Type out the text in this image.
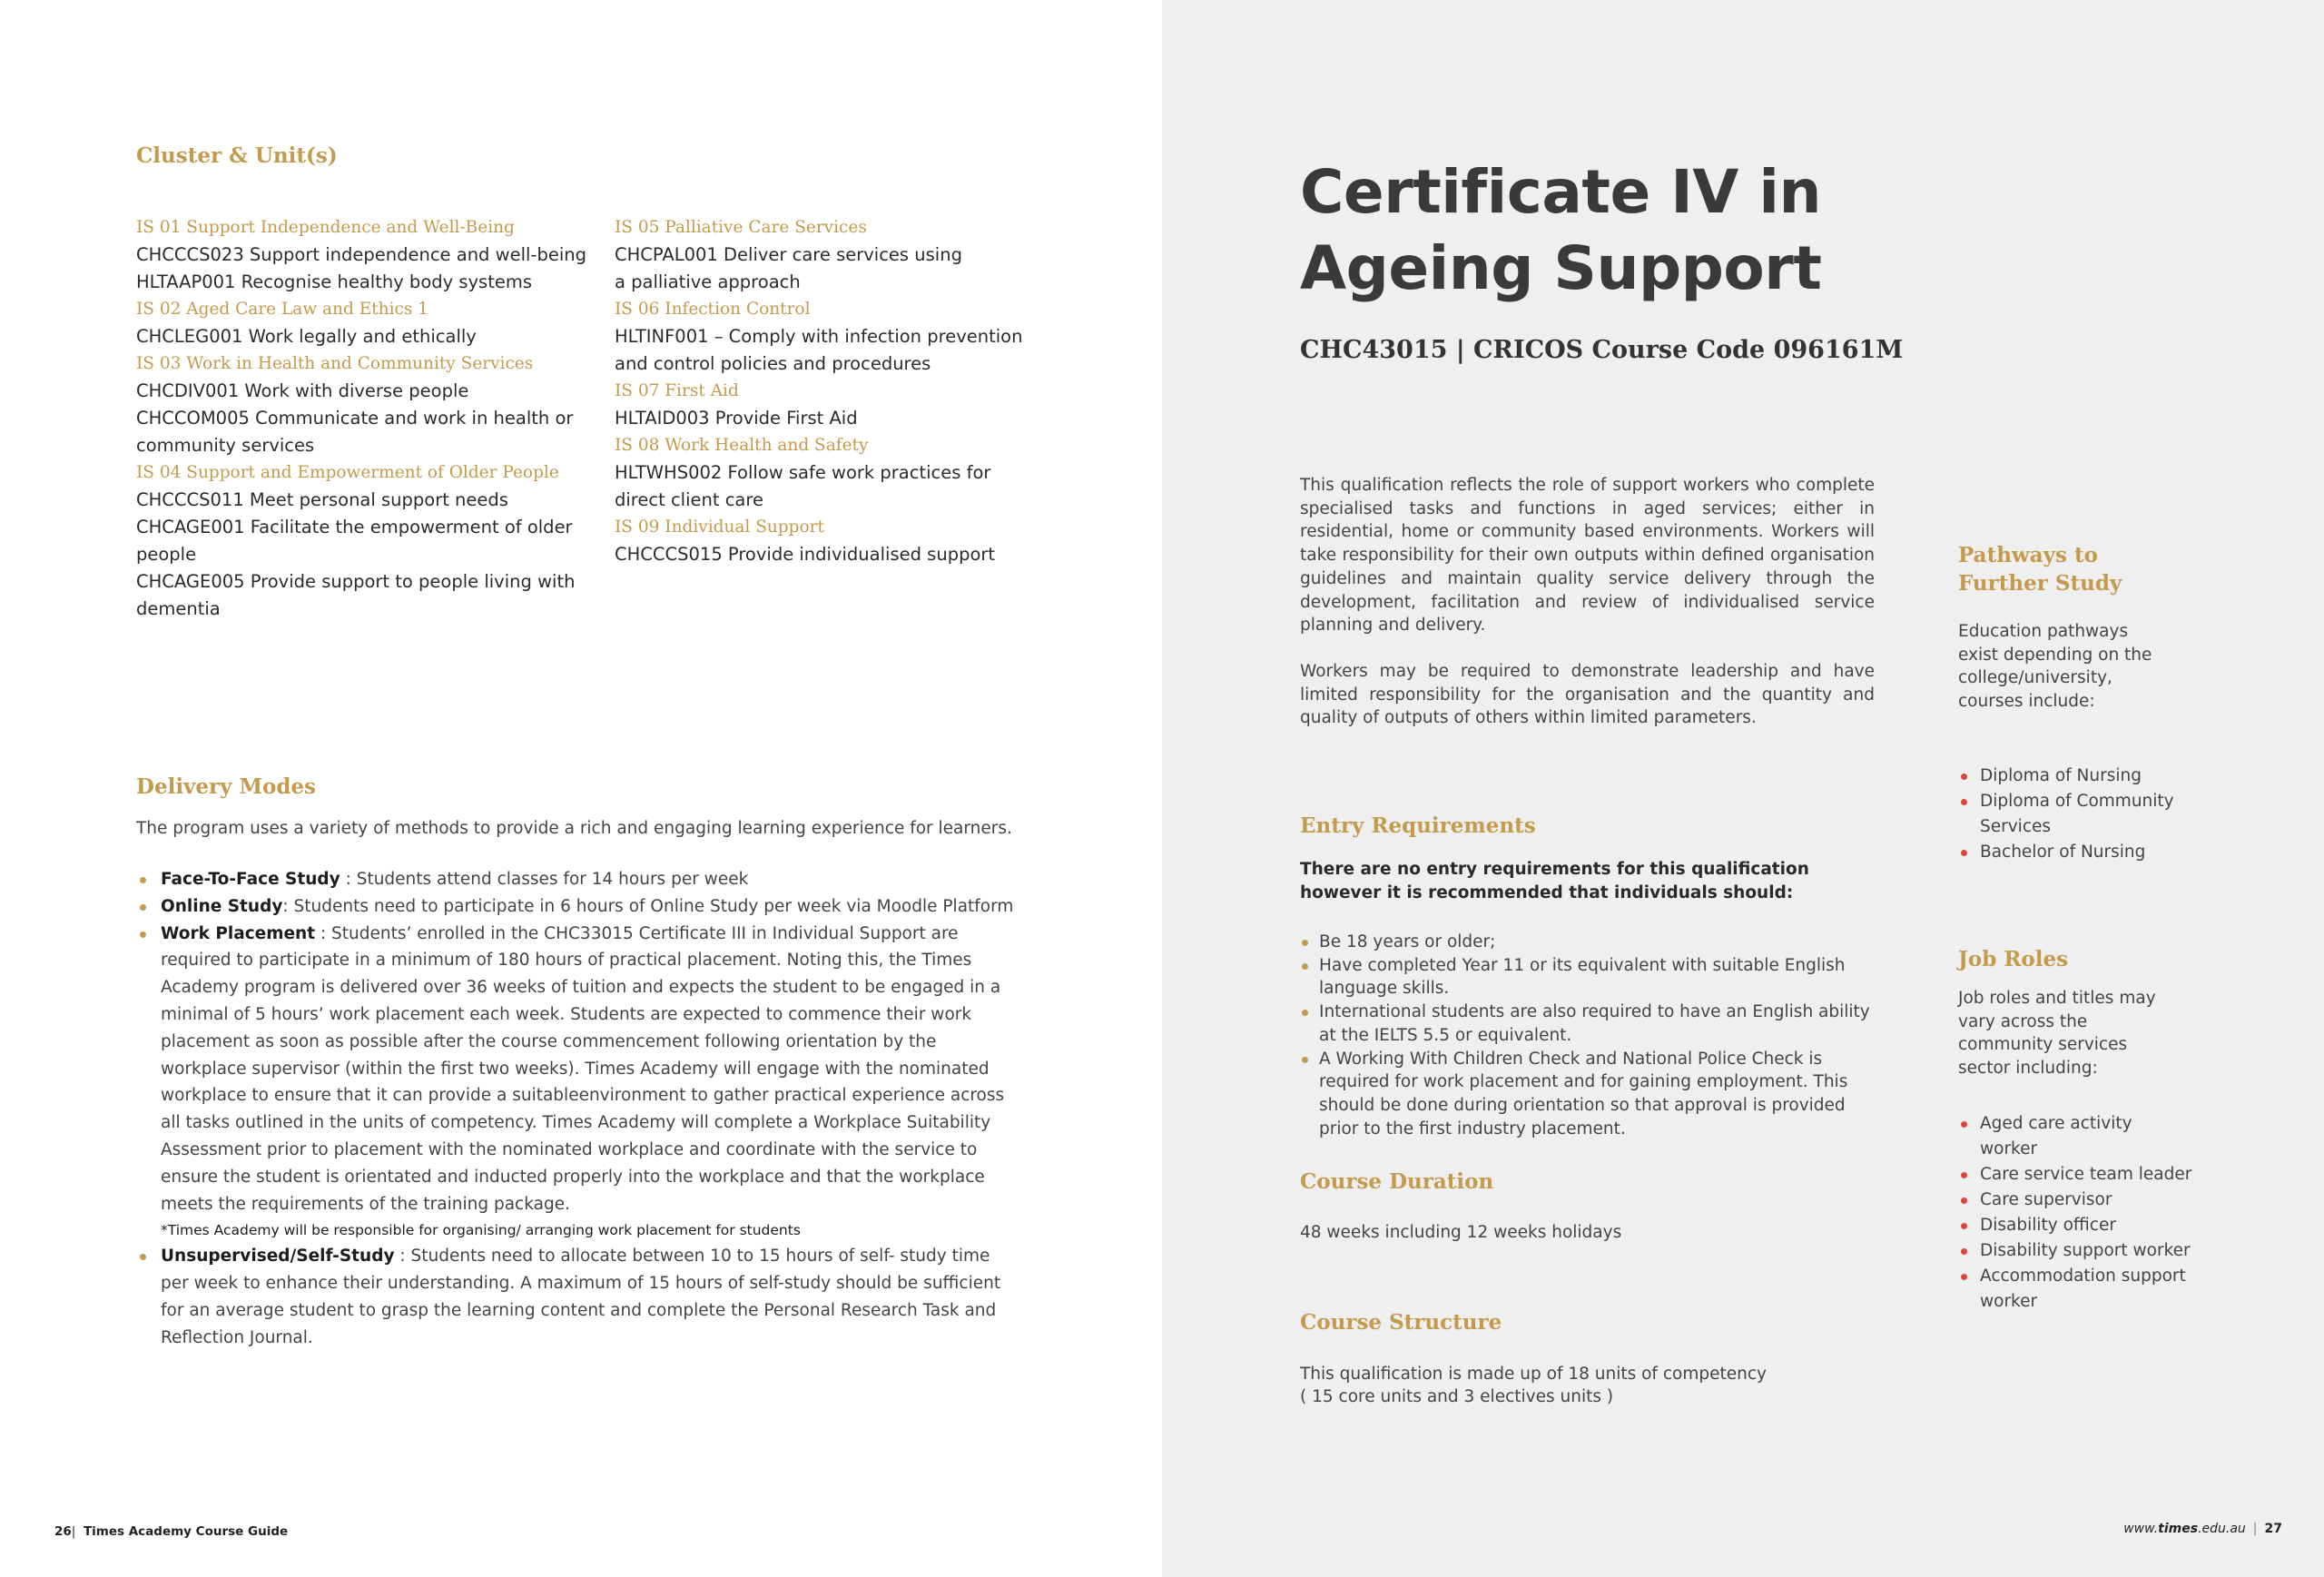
Cluster & Unit(s)

IS 01 Support Independence and Well-Being

CHCCCS023 Support independence and well-being

HLTAAP001 Recognise healthy body systems

IS 02 Aged Care Law and Ethics 1

CHCLEG001 Work legally and ethically

IS 03 Work in Health and Community Services

CHCDIV001 Work with diverse people

CHCCOM005 Communicate and work in health or

community services

IS 04 Support and Empowerment of Older People

CHCCCS011 Meet personal support needs

CHCAGE001 Facilitate the empowerment of older

people

CHCAGE005 Provide support to people living with

dementia

IS 05 Palliative Care Services

CHCPAL001 Deliver care services using

a palliative approach

IS 06 Infection Control

HLTINF001 – Comply with infection prevention

and control policies and procedures

IS 07 First Aid

HLTAID003 Provide First Aid

IS 08 Work Health and Safety

HLTWHS002 Follow safe work practices for

direct client care

IS 09 Individual Support

CHCCCS015 Provide individualised support

Delivery Modes

The program uses a variety of methods to provide a rich and engaging learning experience for learners.

Face-To-Face Study : Students attend classes for 14 hours per week
Online Study: Students need to participate in 6 hours of Online Study per week via Moodle Platform
Work Placement : Students’ enrolled in the CHC33015 Certificate III in Individual Support are required to participate in a minimum of 180 hours of practical placement. Noting this, the Times Academy program is delivered over 36 weeks of tuition and expects the student to be engaged in a minimal of 5 hours’ work placement each week. Students are expected to commence their work placement as soon as possible after the course commencement following orientation by the workplace supervisor (within the first two weeks). Times Academy will engage with the nominated workplace to ensure that it can provide a suitableenvironment to gather practical experience across all tasks outlined in the units of competency. Times Academy will complete a Workplace Suitability Assessment prior to placement with the nominated workplace and coordinate with the service to ensure the student is orientated and inducted properly into the workplace and that the workplace meets the requirements of the training package.
*Times Academy will be responsible for organising/ arranging work placement for students
Unsupervised/Self-Study : Students need to allocate between 10 to 15 hours of self- study time per week to enhance their understanding. A maximum of 15 hours of self-study should be sufficient for an average student to grasp the learning content and complete the Personal Research Task and Reflection Journal.
26|  Times Academy Course Guide
Certificate IV in
Ageing Support
CHC43015 | CRICOS Course Code 096161M

This qualification reflects the role of support workers who complete specialised tasks and functions in aged services; either in residential, home or community based environments. Workers will take responsibility for their own outputs within defined organisation guidelines and maintain quality service delivery through the development, facilitation and review of individualised service planning and delivery.

Workers may be required to demonstrate leadership and have limited responsibility for the organisation and the quantity and quality of outputs of others within limited parameters.

Entry Requirements

There are no entry requirements for this qualification however it is recommended that individuals should:

Be 18 years or older;
Have completed Year 11 or its equivalent with suitable English language skills.
International students are also required to have an English ability at the IELTS 5.5 or equivalent.
A Working With Children Check and National Police Check is required for work placement and for gaining employment. This should be done during orientation so that approval is provided prior to the first industry placement.
Course Duration

48 weeks including 12 weeks holidays

Course Structure

This qualification is made up of 18 units of competency
( 15 core units and 3 electives units )

Pathways to Further Study

Education pathways exist depending on the college/university, courses include:

Diploma of Nursing
Diploma of Community Services
Bachelor of Nursing
Job Roles

Job roles and titles may vary across the community services sector including:

Aged care activity worker
Care service team leader
Care supervisor
Disability officer
Disability support worker
Accommodation support worker
www.times.edu.au | 27
